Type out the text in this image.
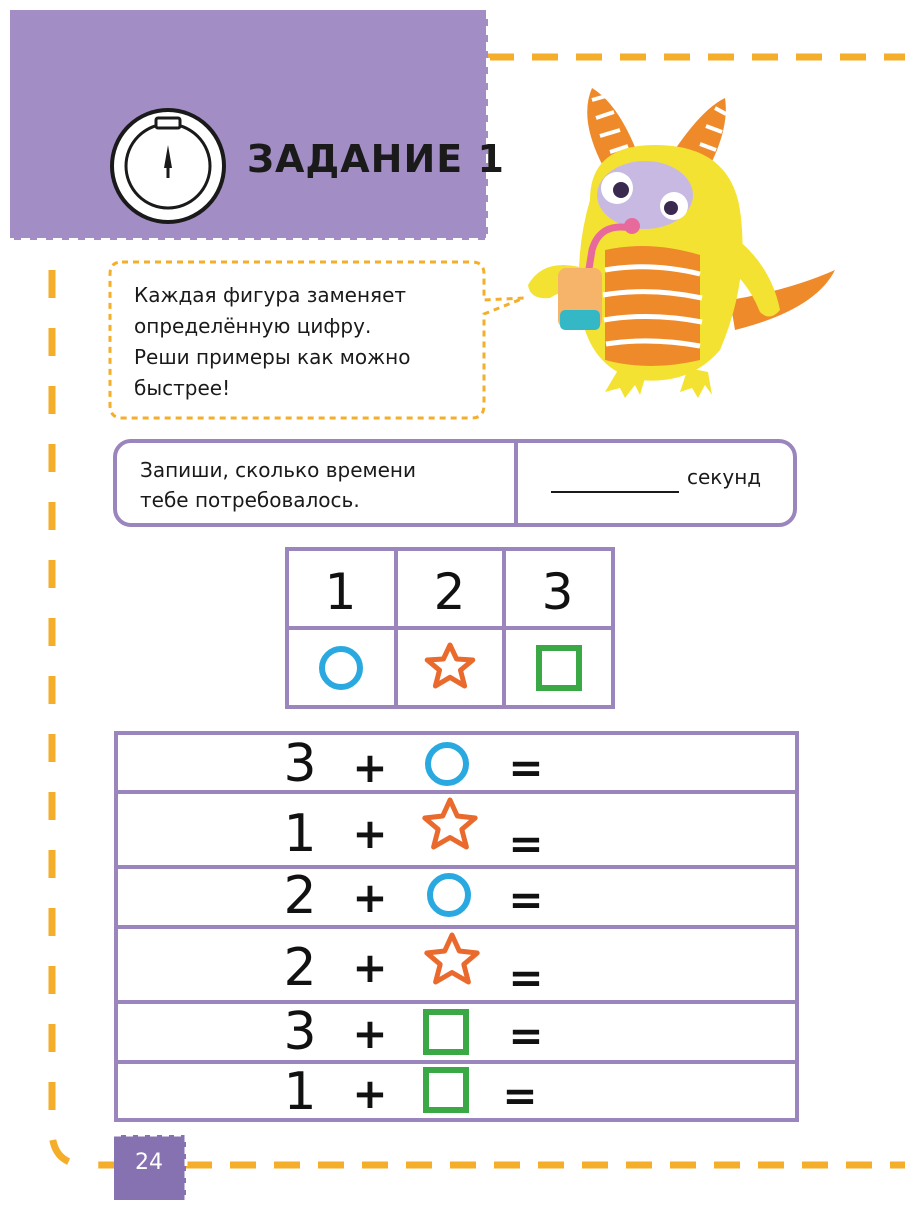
ЗАДАНИЕ 1
Каждая фигура заменяет
определённую цифру.
Реши примеры как можно
быстрее!
Запиши, сколько времени
тебе потребовалось.
секунд
1	2	3
3 +	=
1 +	=
2 +	=
2 +	=
3 +	=
1 +	=
24
